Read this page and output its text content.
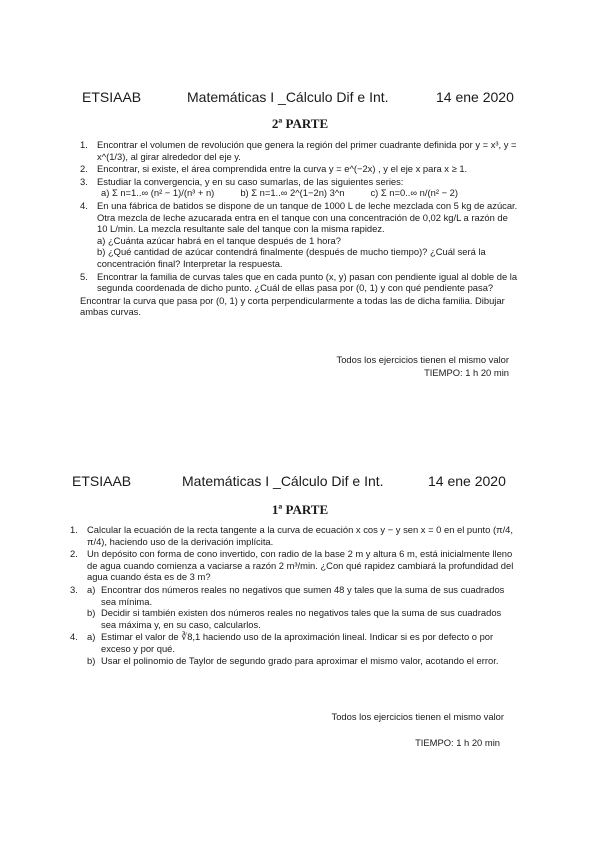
ETSIAAB	Matemáticas I _Cálculo Dif e Int.	14 ene 2020
2ª PARTE
1. Encontrar el volumen de revolución que genera la región del primer cuadrante definida por y = x³, y = x^(1/3), al girar alrededor del eje y.
2. Encontrar, si existe, el área comprendida entre la curva y = e^(−2x) , y el eje x para x ≥ 1.
3. Estudiar la convergencia, y en su caso sumarlas, de las siguientes series:
a) Σ n=1..∞ (n² − 1)/(n³ + n)	b) Σ n=1..∞ 2^(1−2n) 3^n	c) Σ n=0..∞ n/(n² − 2)
4. En una fábrica de batidos se dispone de un tanque de 1000 L de leche mezclada con 5 kg de azúcar. Otra mezcla de leche azucarada entra en el tanque con una concentración de 0,02 kg/L a razón de 10 L/min. La mezcla resultante sale del tanque con la misma rapidez.
a) ¿Cuánta azúcar habrá en el tanque después de 1 hora?
b) ¿Qué cantidad de azúcar contendrá finalmente (después de mucho tiempo)? ¿Cuál será la concentración final? Interpretar la respuesta.
5. Encontrar la familia de curvas tales que en cada punto (x, y) pasan con pendiente igual al doble de la segunda coordenada de dicho punto. ¿Cuál de ellas pasa por (0, 1) y con qué pendiente pasa?
Encontrar la curva que pasa por (0, 1) y corta perpendicularmente a todas las de dicha familia. Dibujar ambas curvas.
Todos los ejercicios tienen el mismo valor
TIEMPO: 1 h 20 min
ETSIAAB	Matemáticas I _Cálculo Dif e Int.	14 ene 2020
1ª PARTE
1. Calcular la ecuación de la recta tangente a la curva de ecuación x cos y − y sen x = 0 en el punto (π/4, π/4), haciendo uso de la derivación implícita.
2. Un depósito con forma de cono invertido, con radio de la base 2 m y altura 6 m, está inicialmente lleno de agua cuando comienza a vaciarse a razón 2 m³/min. ¿Con qué rapidez cambiará la profundidad del agua cuando ésta es de 3 m?
3. a) Encontrar dos números reales no negativos que sumen 48 y tales que la suma de sus cuadrados sea mínima.
b) Decidir si también existen dos números reales no negativos tales que la suma de sus cuadrados sea máxima y, en su caso, calcularlos.
4. a) Estimar el valor de ∛8,1 haciendo uso de la aproximación lineal. Indicar si es por defecto o por exceso y por qué.
b) Usar el polinomio de Taylor de segundo grado para aproximar el mismo valor, acotando el error.
Todos los ejercicios tienen el mismo valor
TIEMPO: 1 h 20 min
